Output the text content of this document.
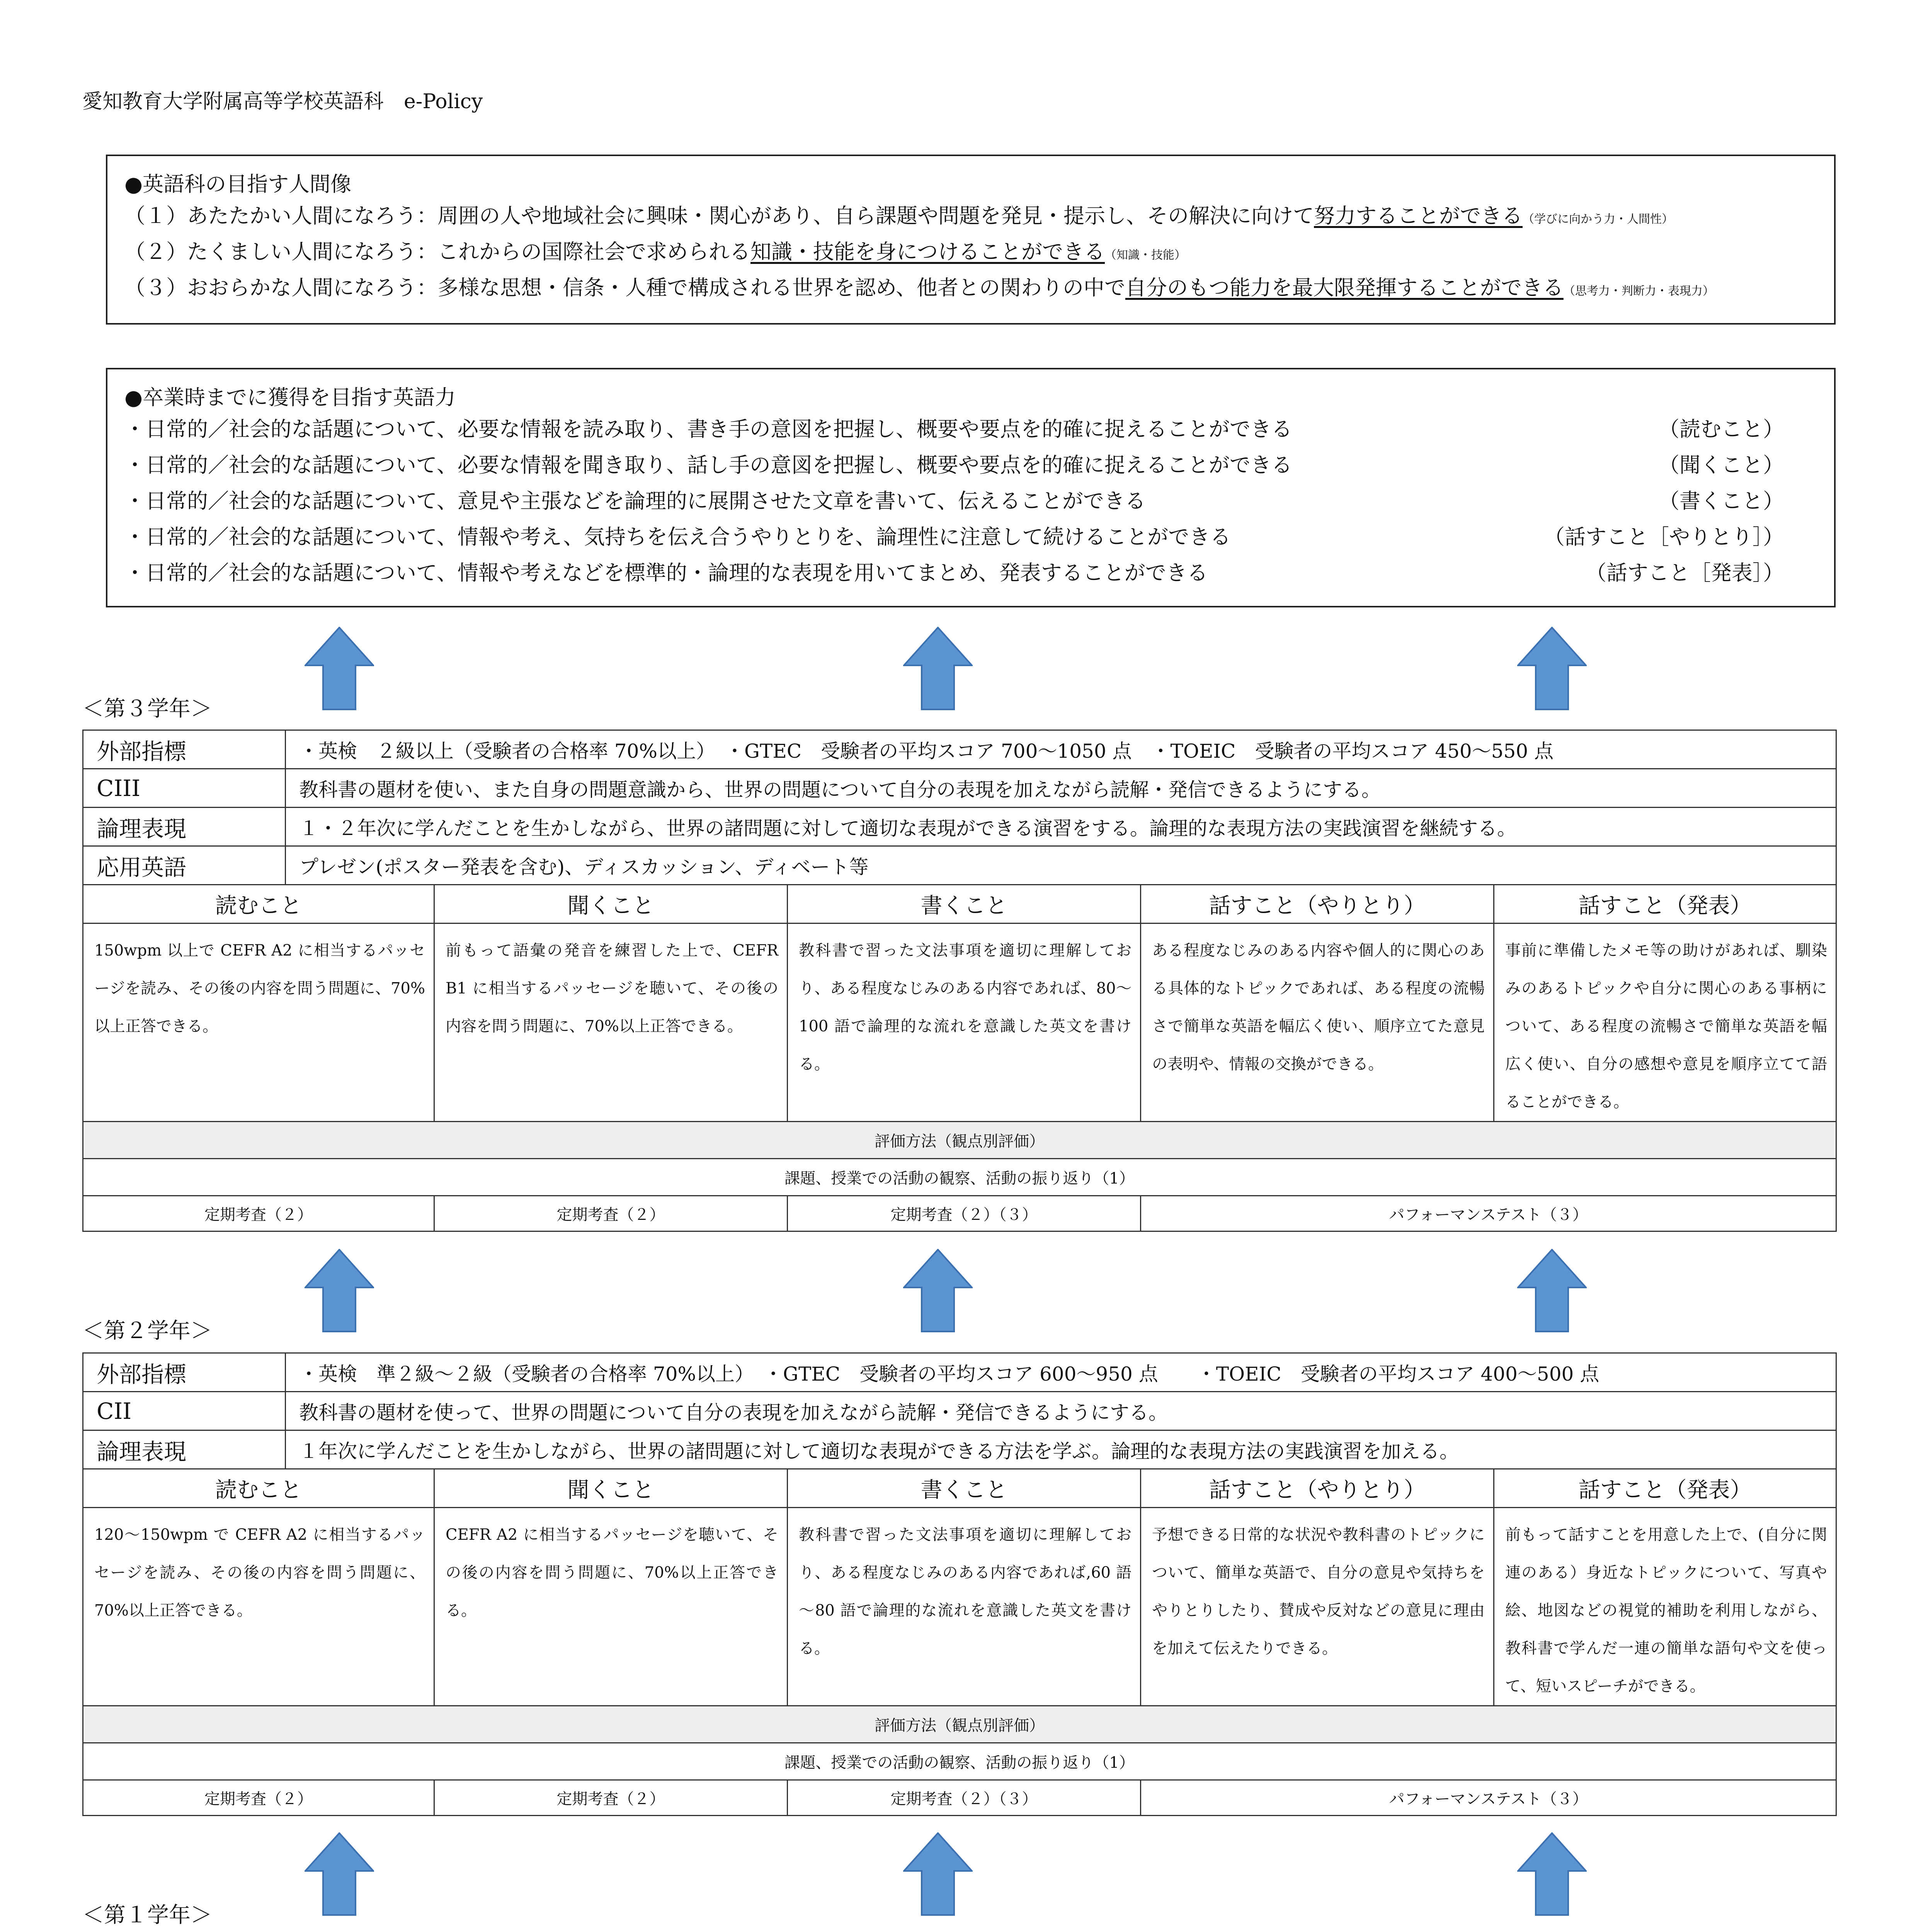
愛知教育大学附属高等学校英語科　e-Policy
●英語科の目指す人間像
（１）あたたかい人間になろう：周囲の人や地域社会に興味・関心があり、自ら課題や問題を発見・提示し、その解決に向けて努力することができる（学びに向かう力・人間性）
（２）たくましい人間になろう：これからの国際社会で求められる知識・技能を身につけることができる（知識・技能）
（３）おおらかな人間になろう：多様な思想・信条・人種で構成される世界を認め、他者との関わりの中で自分のもつ能力を最大限発揮することができる（思考力・判断力・表現力）
●卒業時までに獲得を目指す英語力
・日常的／社会的な話題について、必要な情報を読み取り、書き手の意図を把握し、概要や要点を的確に捉えることができる	（読むこと）
・日常的／社会的な話題について、必要な情報を聞き取り、話し手の意図を把握し、概要や要点を的確に捉えることができる	（聞くこと）
・日常的／社会的な話題について、意見や主張などを論理的に展開させた文章を書いて、伝えることができる	（書くこと）
・日常的／社会的な話題について、情報や考え、気持ちを伝え合うやりとりを、論理性に注意して続けることができる	（話すこと［やりとり］）
・日常的／社会的な話題について、情報や考えなどを標準的・論理的な表現を用いてまとめ、発表することができる	（話すこと［発表］）
＜第３学年＞
外部指標	・英検　２級以上（受験者の合格率 70%以上）　・GTEC　受験者の平均スコア 700～1050 点　・TOEIC　受験者の平均スコア 450～550 点				
CIII	教科書の題材を使い、また自身の問題意識から、世界の問題について自分の表現を加えながら読解・発信できるようにする。				
論理表現	１・２年次に学んだことを生かしながら、世界の諸問題に対して適切な表現ができる演習をする。論理的な表現方法の実践演習を継続する。				
応用英語	プレゼン(ポスター発表を含む)、ディスカッション、ディベート等				
読むこと		聞くこと	書くこと	話すこと（やりとり）	話すこと（発表）
150wpm 以上で CEFR A2 に相当するパッセージを読み、その後の内容を問う問題に、70%以上正答できる。		前もって語彙の発音を練習した上で、CEFR B1 に相当するパッセージを聴いて、その後の内容を問う問題に、70%以上正答できる。	教科書で習った文法事項を適切に理解しており、ある程度なじみのある内容であれば、80～100 語で論理的な流れを意識した英文を書ける。	ある程度なじみのある内容や個人的に関心のある具体的なトピックであれば、ある程度の流暢さで簡単な英語を幅広く使い、順序立てた意見の表明や、情報の交換ができる。	事前に準備したメモ等の助けがあれば、馴染みのあるトピックや自分に関心のある事柄について、ある程度の流暢さで簡単な英語を幅広く使い、自分の感想や意見を順序立てて語ることができる。
評価方法（観点別評価）					
課題、授業での活動の観察、活動の振り返り（1）					
定期考査（２）		定期考査（２）	定期考査（２）（３）	パフォーマンステスト（３）	
＜第２学年＞
外部指標	・英検　準２級～２級（受験者の合格率 70%以上）　・GTEC　受験者の平均スコア 600～950 点　　・TOEIC　受験者の平均スコア 400～500 点				
CII	教科書の題材を使って、世界の問題について自分の表現を加えながら読解・発信できるようにする。				
論理表現	１年次に学んだことを生かしながら、世界の諸問題に対して適切な表現ができる方法を学ぶ。論理的な表現方法の実践演習を加える。				
読むこと		聞くこと	書くこと	話すこと（やりとり）	話すこと（発表）
120～150wpm で CEFR A2 に相当するパッセージを読み、その後の内容を問う問題に、70%以上正答できる。		CEFR A2 に相当するパッセージを聴いて、その後の内容を問う問題に、70%以上正答できる。	教科書で習った文法事項を適切に理解しており、ある程度なじみのある内容であれば,60 語～80 語で論理的な流れを意識した英文を書ける。	予想できる日常的な状況や教科書のトピックについて、簡単な英語で、自分の意見や気持ちをやりとりしたり、賛成や反対などの意見に理由を加えて伝えたりできる。	前もって話すことを用意した上で、(自分に関連のある）身近なトピックについて、写真や絵、地図などの視覚的補助を利用しながら、教科書で学んだ一連の簡単な語句や文を使って、短いスピーチができる。
評価方法（観点別評価）					
課題、授業での活動の観察、活動の振り返り（1）					
定期考査（２）		定期考査（２）	定期考査（２）（３）	パフォーマンステスト（３）	
＜第１学年＞
